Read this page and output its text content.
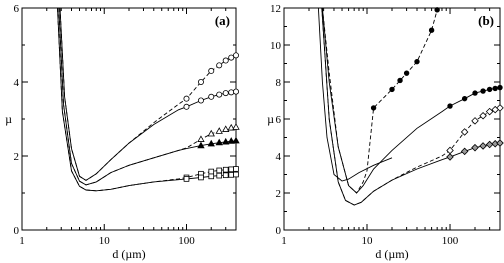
1	10	100
0
2
4
6
d (µm)
µ
(a)
1	10	100
0
2
4
6
8
10
12
d (µm)
µ
(b)
